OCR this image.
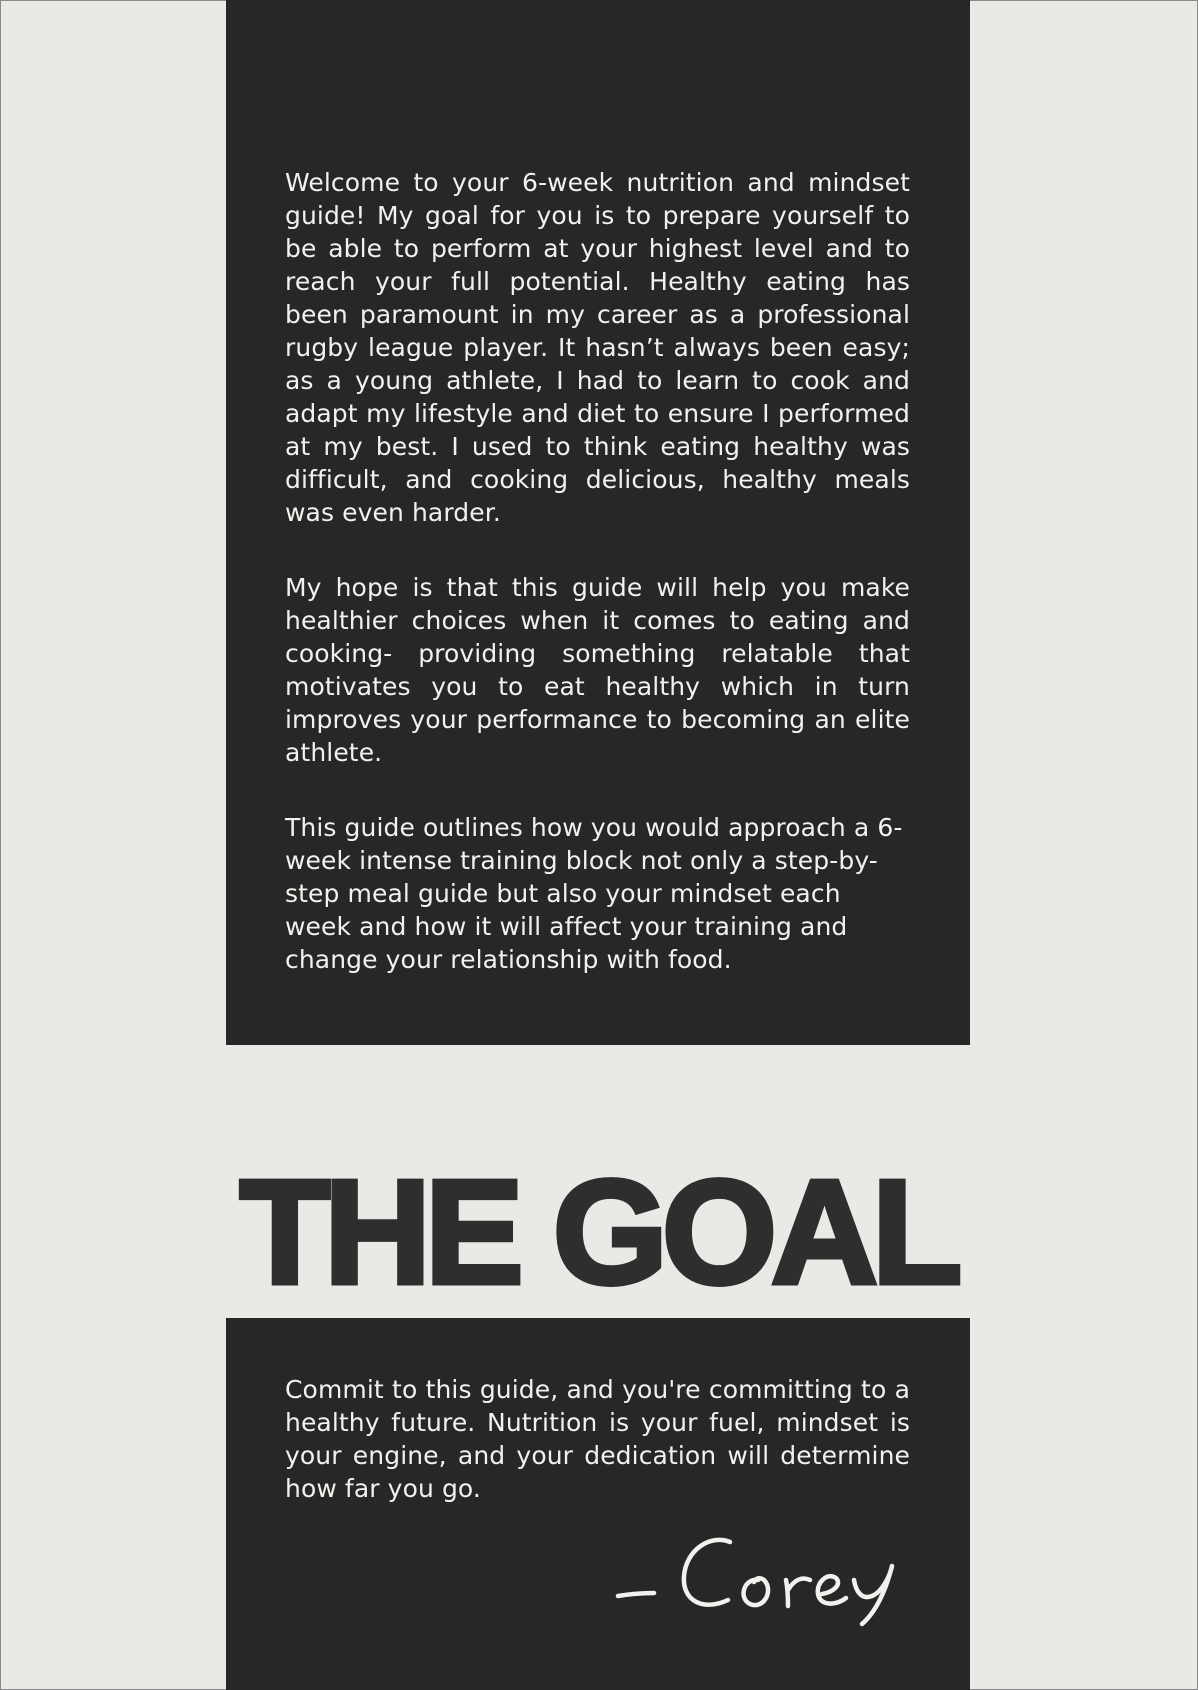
Welcome to your 6-week nutrition and mindset guide! My goal for you is to prepare yourself to be able to perform at your highest level and to reach your full potential. Healthy eating has been paramount in my career as a professional rugby league player. It hasn’t always been easy; as a young athlete, I had to learn to cook and adapt my lifestyle and diet to ensure I performed at my best. I used to think eating healthy was difficult, and cooking delicious, healthy meals was even harder.

My hope is that this guide will help you make healthier choices when it comes to eating and cooking- providing something relatable that motivates you to eat healthy which in turn improves your performance to becoming an elite athlete.

This guide outlines how you would approach a 6-week intense training block not only a step-by-step meal guide but also your mindset each week and how it will affect your training and change your relationship with food.

THE GOAL

Commit to this guide, and you're committing to a healthy future. Nutrition is your fuel, mindset is your engine, and your dedication will determine how far you go.
